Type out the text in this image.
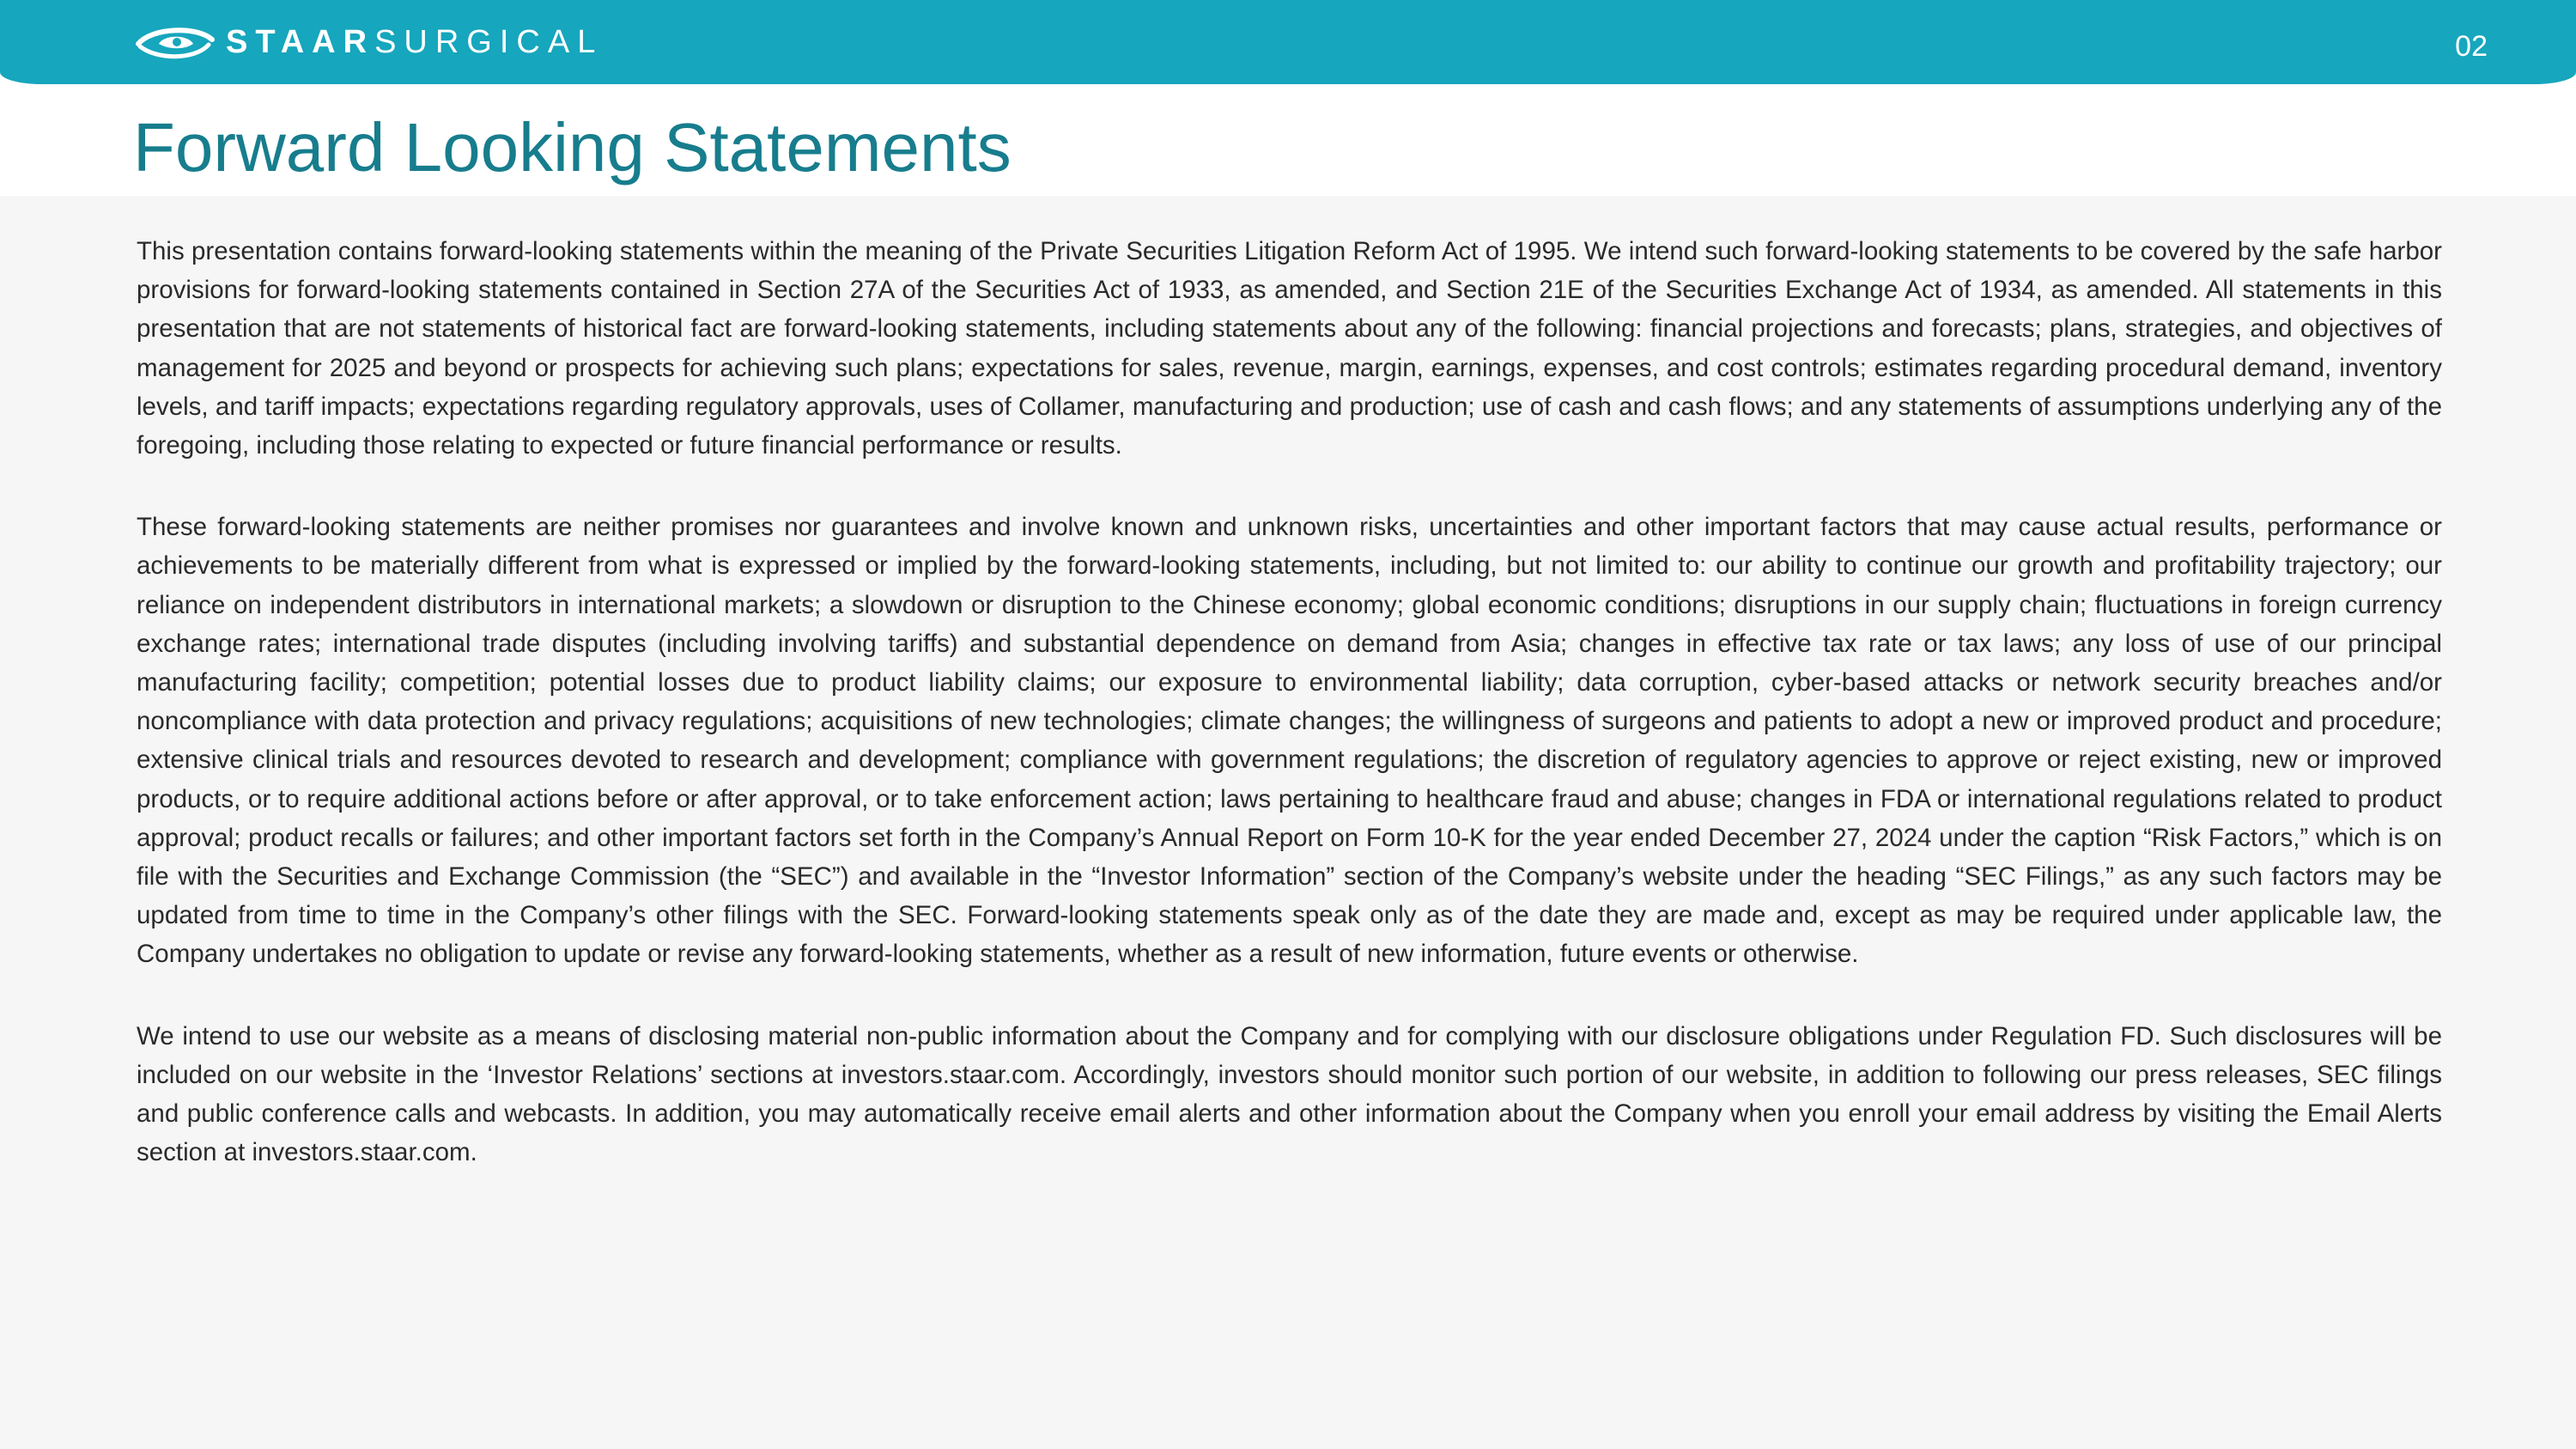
STAARSURGICAL	02
Forward Looking Statements

This presentation contains forward-looking statements within the meaning of the Private Securities Litigation Reform Act of 1995. We intend such forward-looking statements to be covered by the safe harbor provisions for forward-looking statements contained in Section 27A of the Securities Act of 1933, as amended, and Section 21E of the Securities Exchange Act of 1934, as amended. All statements in this presentation that are not statements of historical fact are forward-looking statements, including statements about any of the following: financial projections and forecasts; plans, strategies, and objectives of management for 2025 and beyond or prospects for achieving such plans; expectations for sales, revenue, margin, earnings, expenses, and cost controls; estimates regarding procedural demand, inventory levels, and tariff impacts; expectations regarding regulatory approvals, uses of Collamer, manufacturing and production; use of cash and cash flows; and any statements of assumptions underlying any of the foregoing, including those relating to expected or future financial performance or results.

These forward-looking statements are neither promises nor guarantees and involve known and unknown risks, uncertainties and other important factors that may cause actual results, performance or achievements to be materially different from what is expressed or implied by the forward-looking statements, including, but not limited to: our ability to continue our growth and profitability trajectory; our reliance on independent distributors in international markets; a slowdown or disruption to the Chinese economy; global economic conditions; disruptions in our supply chain; fluctuations in foreign currency exchange rates; international trade disputes (including involving tariffs) and substantial dependence on demand from Asia; changes in effective tax rate or tax laws; any loss of use of our principal manufacturing facility; competition; potential losses due to product liability claims; our exposure to environmental liability; data corruption, cyber-based attacks or network security breaches and/or noncompliance with data protection and privacy regulations; acquisitions of new technologies; climate changes; the willingness of surgeons and patients to adopt a new or improved product and procedure; extensive clinical trials and resources devoted to research and development; compliance with government regulations; the discretion of regulatory agencies to approve or reject existing, new or improved products, or to require additional actions before or after approval, or to take enforcement action; laws pertaining to healthcare fraud and abuse; changes in FDA or international regulations related to product approval; product recalls or failures; and other important factors set forth in the Company’s Annual Report on Form 10-K for the year ended December 27, 2024 under the caption “Risk Factors,” which is on file with the Securities and Exchange Commission (the “SEC”) and available in the “Investor Information” section of the Company’s website under the heading “SEC Filings,” as any such factors may be updated from time to time in the Company’s other filings with the SEC. Forward-looking statements speak only as of the date they are made and, except as may be required under applicable law, the Company undertakes no obligation to update or revise any forward-looking statements, whether as a result of new information, future events or otherwise.

We intend to use our website as a means of disclosing material non-public information about the Company and for complying with our disclosure obligations under Regulation FD. Such disclosures will be included on our website in the ‘Investor Relations’ sections at investors.staar.com. Accordingly, investors should monitor such portion of our website, in addition to following our press releases, SEC filings and public conference calls and webcasts. In addition, you may automatically receive email alerts and other information about the Company when you enroll your email address by visiting the Email Alerts section at investors.staar.com.
